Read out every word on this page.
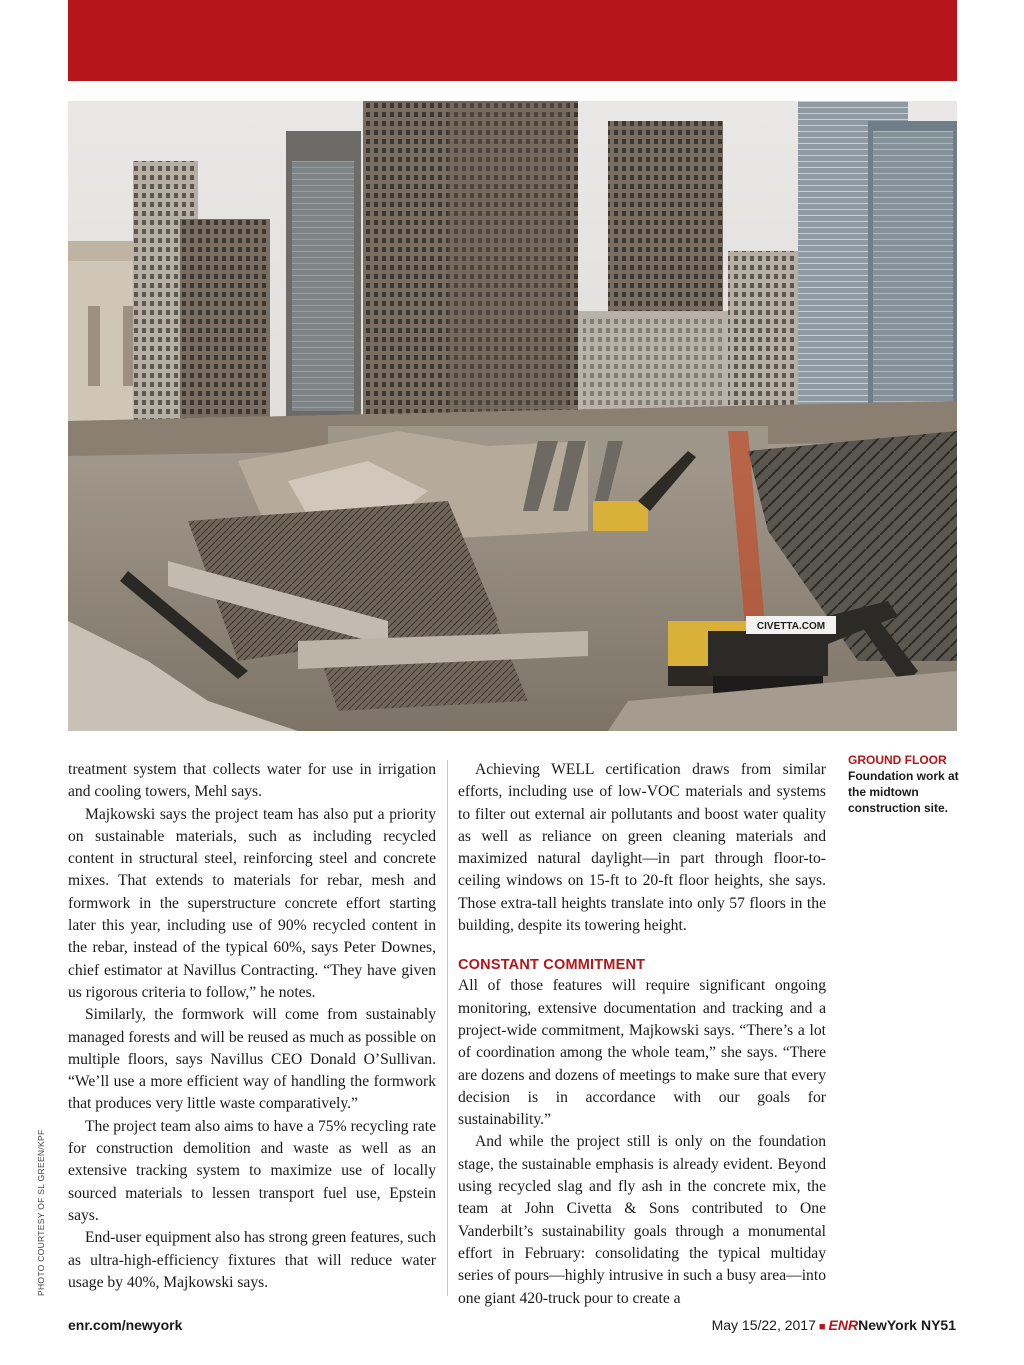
CIVETTA.COM

treatment system that collects water for use in irrigation and cooling towers, Mehl says.

Majkowski says the project team has also put a priority on sustainable materials, such as including recycled content in structural steel, reinforcing steel and concrete mixes. That extends to materials for rebar, mesh and formwork in the superstructure concrete effort starting later this year, including use of 90% recycled content in the rebar, instead of the typical 60%, says Peter Downes, chief estimator at Navillus Contracting. “They have given us rigorous criteria to follow,” he notes.

Similarly, the formwork will come from sustainably managed forests and will be reused as much as possible on multiple floors, says Navillus CEO Donald O’Sullivan. “We’ll use a more efficient way of handling the formwork that produces very little waste comparatively.”

The project team also aims to have a 75% recycling rate for construction demolition and waste as well as an extensive tracking system to maximize use of locally sourced materials to lessen transport fuel use, Epstein says.

End-user equipment also has strong green features, such as ultra-high-efficiency fixtures that will reduce water usage by 40%, Majkowski says.

Achieving WELL certification draws from similar efforts, including use of low-VOC materials and systems to filter out external air pollutants and boost water quality as well as reliance on green cleaning materials and maximized natural daylight—in part through floor-to-ceiling windows on 15-ft to 20-ft floor heights, she says. Those extra-tall heights translate into only 57 floors in the building, despite its towering height.

CONSTANT COMMITMENT

All of those features will require significant ongoing monitoring, extensive documentation and tracking and a project-wide commitment, Majkowski says. “There’s a lot of coordination among the whole team,” she says. “There are dozens and dozens of meetings to make sure that every decision is in accordance with our goals for sustainability.”

And while the project still is only on the foundation stage, the sustainable emphasis is already evident. Beyond using recycled slag and fly ash in the concrete mix, the team at John Civetta & Sons contributed to One Vanderbilt’s sustainability goals through a monumental effort in February: consolidating the typical multiday series of pours—highly intrusive in such a busy area—into one giant 420-truck pour to create a

GROUND FLOOR
Foundation work at the midtown construction site.
PHOTO COURTESY OF SL GREEN/KPF
enr.com/newyork	May 15/22, 2017 ■ ENRNewYork NY51
